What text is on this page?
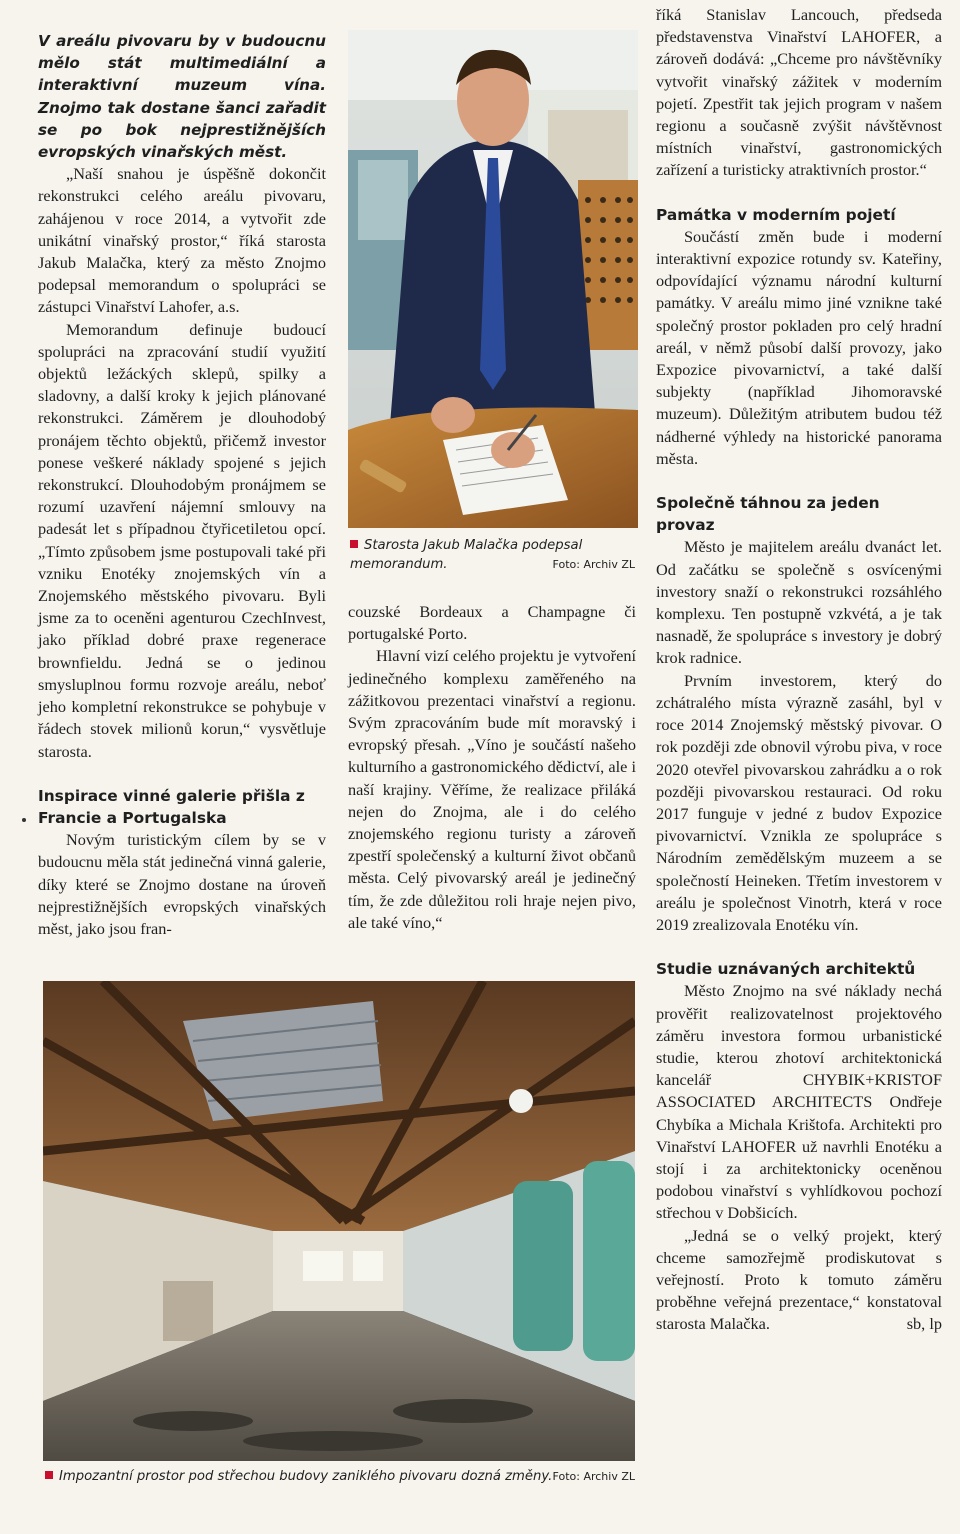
V areálu pivovaru by v budoucnu mělo stát multimediální a interaktivní muzeum vína. Znojmo tak dostane šanci zařadit se po bok nejprestižnějších evropských vinařských měst.

„Naší snahou je úspěšně dokončit rekonstrukci celého areálu pivovaru, zahájenou v roce 2014, a vytvořit zde unikátní vinařský prostor,“ říká starosta Jakub Malačka, který za město Znojmo podepsal memorandum o spolupráci se zástupci Vinařství Lahofer, a.s.

Memorandum definuje budoucí spolupráci na zpracování studií využití objektů ležáckých sklepů, spilky a sladovny, a další kroky k jejich plánované rekonstrukci. Záměrem je dlouhodobý pronájem těchto objektů, přičemž investor ponese veškeré náklady spojené s jejich rekonstrukcí. Dlouhodobým pronájmem se rozumí uzavření nájemní smlouvy na padesát let s případnou čtyřicetiletou opcí. „Tímto způsobem jsme postupovali také při vzniku Enotéky znojemských vín a Znojemského městského pivovaru. Byli jsme za to oceněni agenturou CzechInvest, jako příklad dobré praxe regenerace brownfieldu. Jedná se o jedinou smysluplnou formu rozvoje areálu, neboť jeho kompletní rekonstrukce se pohybuje v řádech stovek milionů korun,“ vysvětluje starosta.

Inspirace vinné galerie přišla z Francie a Portugalska

Novým turistickým cílem by se v budoucnu měla stát jedinečná vinná galerie, díky které se Znojmo dostane na úroveň nejprestižnějších evropských vinařských měst, jako jsou fran-

Starosta Jakub Malačka podepsal memorandum.	Foto: Archiv ZL

couzské Bordeaux a Champagne či portugalské Porto.

Hlavní vizí celého projektu je vytvoření jedinečného komplexu zaměřeného na zážitkovou prezentaci vinařství a regionu. Svým zpracováním bude mít moravský i evropský přesah. „Víno je součástí našeho kulturního a gastronomického dědictví, ale i naší krajiny. Věříme, že realizace přiláká nejen do Znojma, ale i do celého znojemského regionu turisty a zároveň zpestří společenský a kulturní život občanů města. Celý pivovarský areál je jedinečný tím, že zde důležitou roli hraje nejen pivo, ale také víno,“

říká Stanislav Lancouch, předseda představenstva Vinařství LAHOFER, a zároveň dodává: „Chceme pro návštěvníky vytvořit vinařský zážitek v moderním pojetí. Zpestřit tak jejich program v našem regionu a současně zvýšit návštěvnost místních vinařství, gastronomických zařízení a turisticky atraktivních prostor.“

Památka v moderním pojetí

Součástí změn bude i moderní interaktivní expozice rotundy sv. Kateřiny, odpovídající významu národní kulturní památky. V areálu mimo jiné vznikne také společný prostor pokladen pro celý hradní areál, v němž působí další provozy, jako Expozice pivovarnictví, a také další subjekty (například Jihomoravské muzeum). Důležitým atributem budou též nádherné výhledy na historické panorama města.

Společně táhnou za jeden provaz

Město je majitelem areálu dvanáct let. Od začátku se společně s osvícenými investory snaží o rekonstrukci rozsáhlého komplexu. Ten postupně vzkvétá, a je tak nasnadě, že spolupráce s investory je dobrý krok radnice.

Prvním investorem, který do zchátralého místa výrazně zasáhl, byl v roce 2014 Znojemský městský pivovar. O rok později zde obnovil výrobu piva, v roce 2020 otevřel pivovarskou zahrádku a o rok později pivovarskou restauraci. Od roku 2017 funguje v jedné z budov Expozice pivovarnictví. Vznikla ze spolupráce s Národním zemědělským muzeem a se společností Heineken. Třetím investorem v areálu je společnost Vinotrh, která v roce 2019 zrealizovala Enotéku vín.

Studie uznávaných architektů

Město Znojmo na své náklady nechá prověřit realizovatelnost projektového záměru investora formou urbanistické studie, kterou zhotoví architektonická kancelář CHYBIK+KRISTOF ASSOCIATED ARCHITECTS Ondřeje Chybíka a Michala Krištofa. Architekti pro Vinařství LAHOFER už navrhli Enotéku a stojí i za architektonicky oceněnou podobou vinařství s vyhlídkovou pochozí střechou v Dobšicích.

„Jedná se o velký projekt, který chceme samozřejmě prodiskutovat s veřejností. Proto k tomuto záměru proběhne veřejná prezentace,“ konstatoval starosta Malačka.	sb, lp

Impozantní prostor pod střechou budovy zaniklého pivovaru dozná změny. Foto: Archiv ZL
